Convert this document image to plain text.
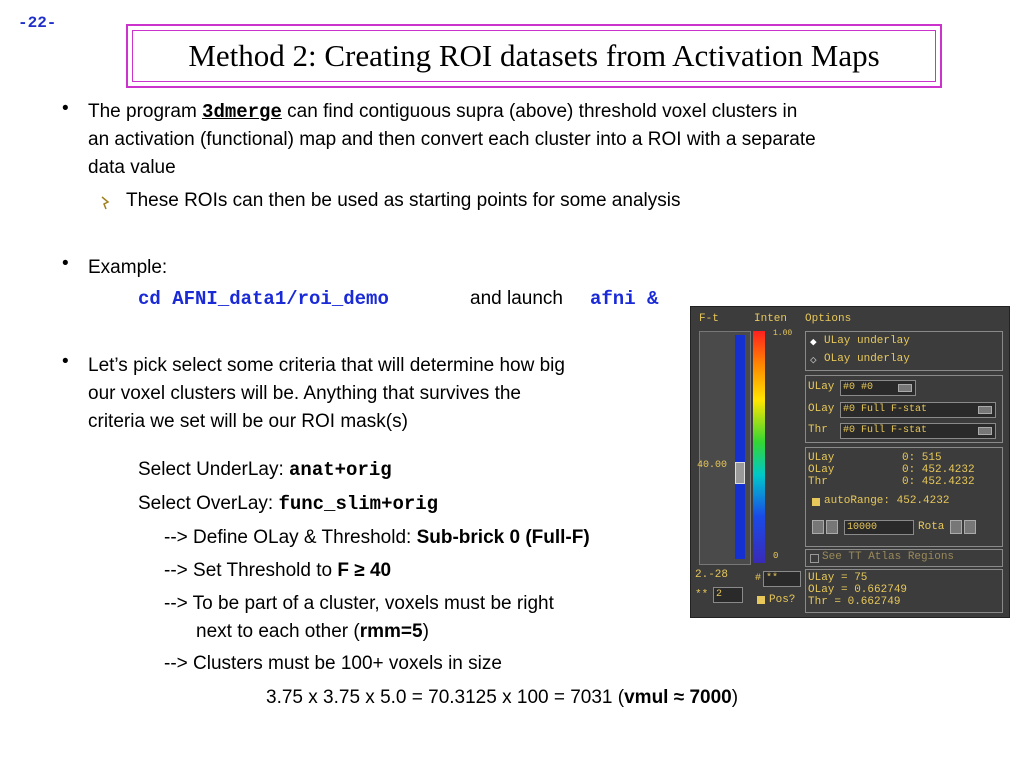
-22-
Method 2: Creating ROI datasets from Activation Maps
• The program 3dmerge can find contiguous supra (above) threshold voxel clusters in
an activation (functional) map and then convert each cluster into a ROI with a separate
data value
These ROIs can then be used as starting points for some analysis
• Example:
cd AFNI_data1/roi_demo	and launch afni &
• Let’s pick select some criteria that will determine how big
our voxel clusters will be. Anything that survives the
criteria we set will be our ROI mask(s)
Select UnderLay: anat+orig
Select OverLay: func_slim+orig
--> Define OLay & Threshold: Sub-brick 0 (Full-F)
--> Set Threshold to F ≥ 40
--> To be part of a cluster, voxels must be right
next to each other (rmm=5)
--> Clusters must be 100+ voxels in size
3.75 x 3.75 x 5.0 = 70.3125 x 100 = 7031 (vmul ≈ 7000)
F-t	Inten Options
40.00
1.00
0
◆ ULay underlay
◇ OLay underlay
ULay #0 #0
OLay #0 Full F-stat
Thr	#0 Full F-stat
ULay	0: 515
OLay	0: 452.4232
Thr	0: 452.4232
autoRange: 452.4232
10000	Rota
See TT Atlas Regions
2.-28	# **
** 2	Pos?
ULay = 75
OLay = 0.662749
Thr = 0.662749
